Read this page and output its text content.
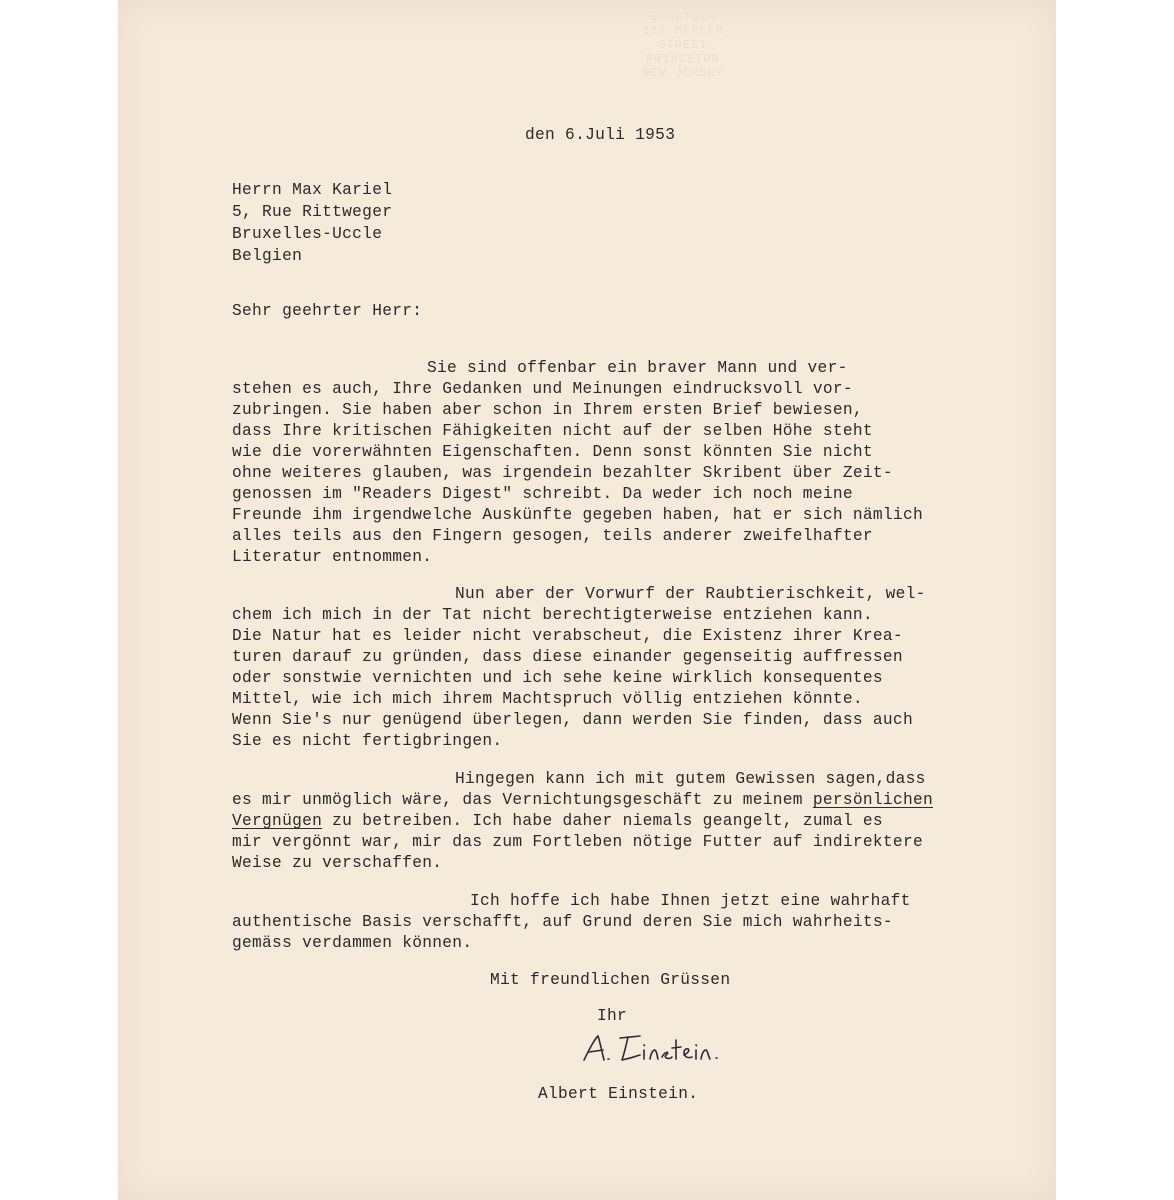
EINSTEIN
112 MERCER STREET
PRINCETON
NEW JERSEY
den 6.Juli 1953
Herrn Max Kariel
5, Rue Rittweger
Bruxelles-Uccle
Belgien
Sehr geehrter Herr:
Sie sind offenbar ein braver Mann und ver-
stehen es auch, Ihre Gedanken und Meinungen eindrucksvoll vor-
zubringen. Sie haben aber schon in Ihrem ersten Brief bewiesen,
dass Ihre kritischen Fähigkeiten nicht auf der selben Höhe steht
wie die vorerwähnten Eigenschaften. Denn sonst könnten Sie nicht
ohne weiteres glauben, was irgendein bezahlter Skribent über Zeit-
genossen im "Readers Digest" schreibt. Da weder ich noch meine
Freunde ihm irgendwelche Auskünfte gegeben haben, hat er sich nämlich
alles teils aus den Fingern gesogen, teils anderer zweifelhafter
Literatur entnommen.
Nun aber der Vorwurf der Raubtierischkeit, wel-
chem ich mich in der Tat nicht berechtigterweise entziehen kann.
Die Natur hat es leider nicht verabscheut, die Existenz ihrer Krea-
turen darauf zu gründen, dass diese einander gegenseitig auffressen
oder sonstwie vernichten und ich sehe keine wirklich konsequentes
Mittel, wie ich mich ihrem Machtspruch völlig entziehen könnte.
Wenn Sie's nur genügend überlegen, dann werden Sie finden, dass auch
Sie es nicht fertigbringen.
Hingegen kann ich mit gutem Gewissen sagen,dass
es mir unmöglich wäre, das Vernichtungsgeschäft zu meinem persönlichen
Vergnügen zu betreiben. Ich habe daher niemals geangelt, zumal es
mir vergönnt war, mir das zum Fortleben nötige Futter auf indirektere
Weise zu verschaffen.
Ich hoffe ich habe Ihnen jetzt eine wahrhaft
authentische Basis verschafft, auf Grund deren Sie mich wahrheits-
gemäss verdammen können.
Mit freundlichen Grüssen
Ihr
Albert Einstein.
